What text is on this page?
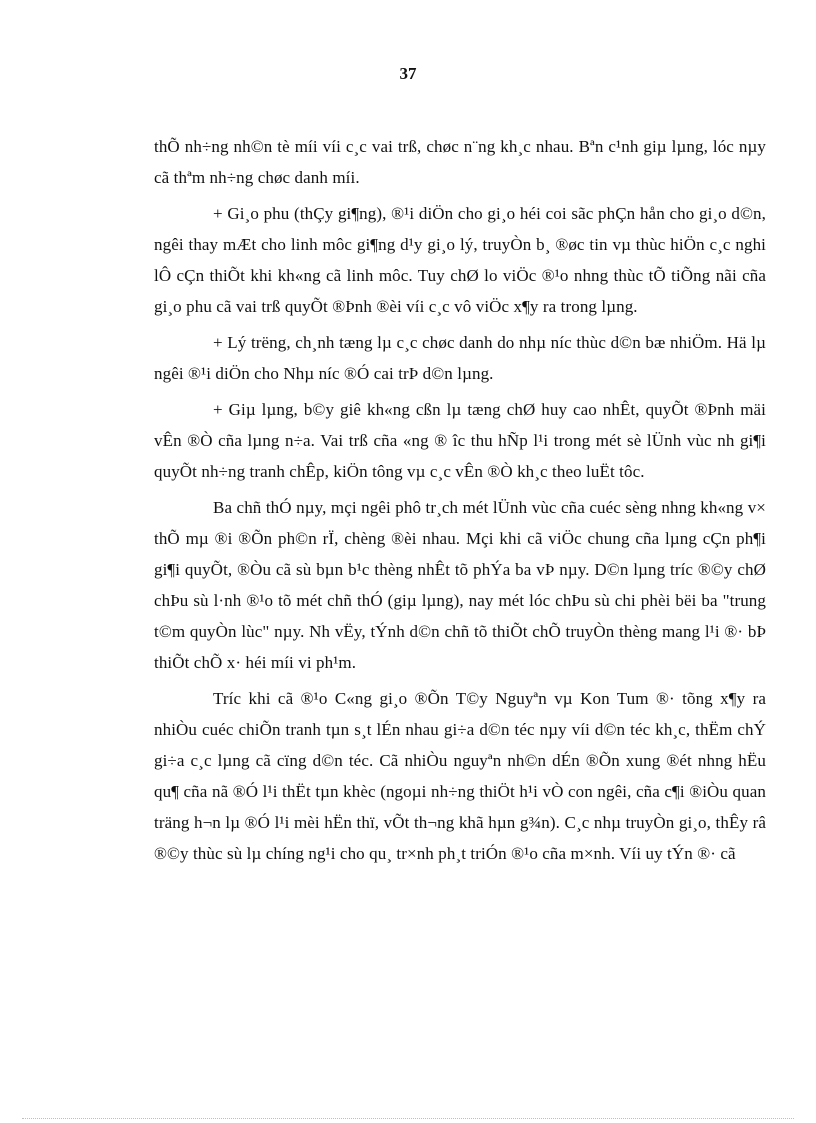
37

thÕ nh÷ng nh©n tè míi víi c¸c vai trß, chøc n¨ng kh¸c nhau. Bªn c¹nh giµ lµng, lóc nµy cã thªm nh÷ng chøc danh míi.

+ Gi¸o phu (thÇy gi¶ng), ®¹i diÖn cho gi¸o héi coi sãc phÇn hån cho gi¸o d©n, ngêi thay mÆt cho linh môc gi¶ng d¹y gi¸o lý, truyÒn b¸ ®øc tin vµ thùc hiÖn c¸c nghi lÔ cÇn thiÕt khi kh«ng cã linh môc. Tuy chØ lo viÖc ®¹o nhng thùc tÕ tiÕng nãi cña gi¸o phu cã vai trß quyÕt ®Þnh ®èi víi c¸c vô viÖc x¶y ra trong lµng.

+ Lý trëng, ch¸nh tæng lµ c¸c chøc danh do nhµ níc thùc d©n bæ nhiÖm. Hä lµ ngêi ®¹i diÖn cho Nhµ níc ®Ó cai trÞ d©n lµng.

+ Giµ lµng, b©y giê kh«ng cßn lµ tæng chØ huy cao nhÊt, quyÕt ®Þnh mäi vÊn ®Ò cña lµng n÷a. Vai trß cña «ng ® îc thu hÑp l¹i trong mét sè lÜnh vùc nh gi¶i quyÕt nh÷ng tranh chÊp, kiÖn tông vµ c¸c vÊn ®Ò kh¸c theo luËt tôc.

Ba chñ thÓ nµy, mçi ngêi phô tr¸ch mét lÜnh vùc cña cuéc sèng nhng kh«ng v× thÕ mµ ®i ®Õn ph©n rÏ, chèng ®èi nhau. Mçi khi cã viÖc chung cña lµng cÇn ph¶i gi¶i quyÕt, ®Òu cã sù bµn b¹c thèng nhÊt tõ phÝa ba vÞ nµy. D©n lµng tríc ®©y chØ chÞu sù l·nh ®¹o tõ mét chñ thÓ (giµ lµng), nay mét lóc chÞu sù chi phèi bëi ba "trung t©m quyÒn lùc" nµy. Nh vËy, tÝnh d©n chñ tõ thiÕt chÕ truyÒn thèng mang l¹i ®· bÞ thiÕt chÕ x· héi míi vi ph¹m.

Tríc khi cã ®¹o C«ng gi¸o ®Õn T©y Nguyªn vµ Kon Tum ®· tõng x¶y ra nhiÒu cuéc chiÕn tranh tµn s¸t lÉn nhau gi÷a d©n téc nµy víi d©n téc kh¸c, thËm chÝ gi÷a c¸c lµng cã cïng d©n téc. Cã nhiÒu nguyªn nh©n dÉn ®Õn xung ®ét nhng hËu qu¶ cña nã ®Ó l¹i thËt tµn khèc (ngoµi nh÷ng thiÖt h¹i vÒ con ngêi, cña c¶i ®iÒu quan träng h¬n lµ ®Ó l¹i mèi hËn thï, vÕt th¬ng khã hµn g¾n). C¸c nhµ truyÒn gi¸o, thÊy râ ®©y thùc sù lµ chíng ng¹i cho qu¸ tr×nh ph¸t triÓn ®¹o cña m×nh. Víi uy tÝn ®· cã
